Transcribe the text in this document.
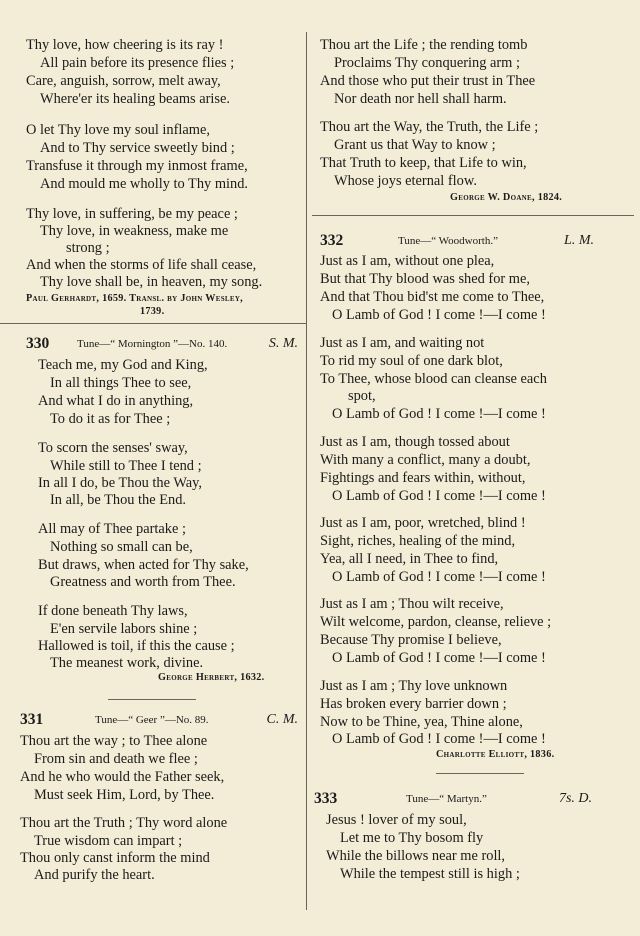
Thy love, how cheering is its ray !
All pain before its presence flies ;
Care, anguish, sorrow, melt away,
Where'er its healing beams arise.
O let Thy love my soul inflame,
And to Thy service sweetly bind ;
Transfuse it through my inmost frame,
And mould me wholly to Thy mind.
Thy love, in suffering, be my peace ;
Thy love, in weakness, make me
strong ;
And when the storms of life shall cease,
Thy love shall be, in heaven, my song.
Paul Gerhardt, 1659. Transl. by John Wesley,
1739.
330	Tune—“ Mornington ”—No. 140.	S. M.
Teach me, my God and King,
In all things Thee to see,
And what I do in anything,
To do it as for Thee ;
To scorn the senses' sway,
While still to Thee I tend ;
In all I do, be Thou the Way,
In all, be Thou the End.
All may of Thee partake ;
Nothing so small can be,
But draws, when acted for Thy sake,
Greatness and worth from Thee.
If done beneath Thy laws,
E'en servile labors shine ;
Hallowed is toil, if this the cause ;
The meanest work, divine.
George Herbert, 1632.
331	Tune—“ Geer ”—No. 89.	C. M.
Thou art the way ; to Thee alone
From sin and death we flee ;
And he who would the Father seek,
Must seek Him, Lord, by Thee.
Thou art the Truth ; Thy word alone
True wisdom can impart ;
Thou only canst inform the mind
And purify the heart.
Thou art the Life ; the rending tomb
Proclaims Thy conquering arm ;
And those who put their trust in Thee
Nor death nor hell shall harm.
Thou art the Way, the Truth, the Life ;
Grant us that Way to know ;
That Truth to keep, that Life to win,
Whose joys eternal flow.
George W. Doane, 1824.
332	Tune—“ Woodworth.”	L. M.
Just as I am, without one plea,
But that Thy blood was shed for me,
And that Thou bid'st me come to Thee,
O Lamb of God ! I come !—I come !
Just as I am, and waiting not
To rid my soul of one dark blot,
To Thee, whose blood can cleanse each
spot,
O Lamb of God ! I come !—I come !
Just as I am, though tossed about
With many a conflict, many a doubt,
Fightings and fears within, without,
O Lamb of God ! I come !—I come !
Just as I am, poor, wretched, blind !
Sight, riches, healing of the mind,
Yea, all I need, in Thee to find,
O Lamb of God ! I come !—I come !
Just as I am ; Thou wilt receive,
Wilt welcome, pardon, cleanse, relieve ;
Because Thy promise I believe,
O Lamb of God ! I come !—I come !
Just as I am ; Thy love unknown
Has broken every barrier down ;
Now to be Thine, yea, Thine alone,
O Lamb of God ! I come !—I come !
Charlotte Elliott, 1836.
333	Tune—“ Martyn.”	7s. D.
Jesus ! lover of my soul,
Let me to Thy bosom fly
While the billows near me roll,
While the tempest still is high ;
